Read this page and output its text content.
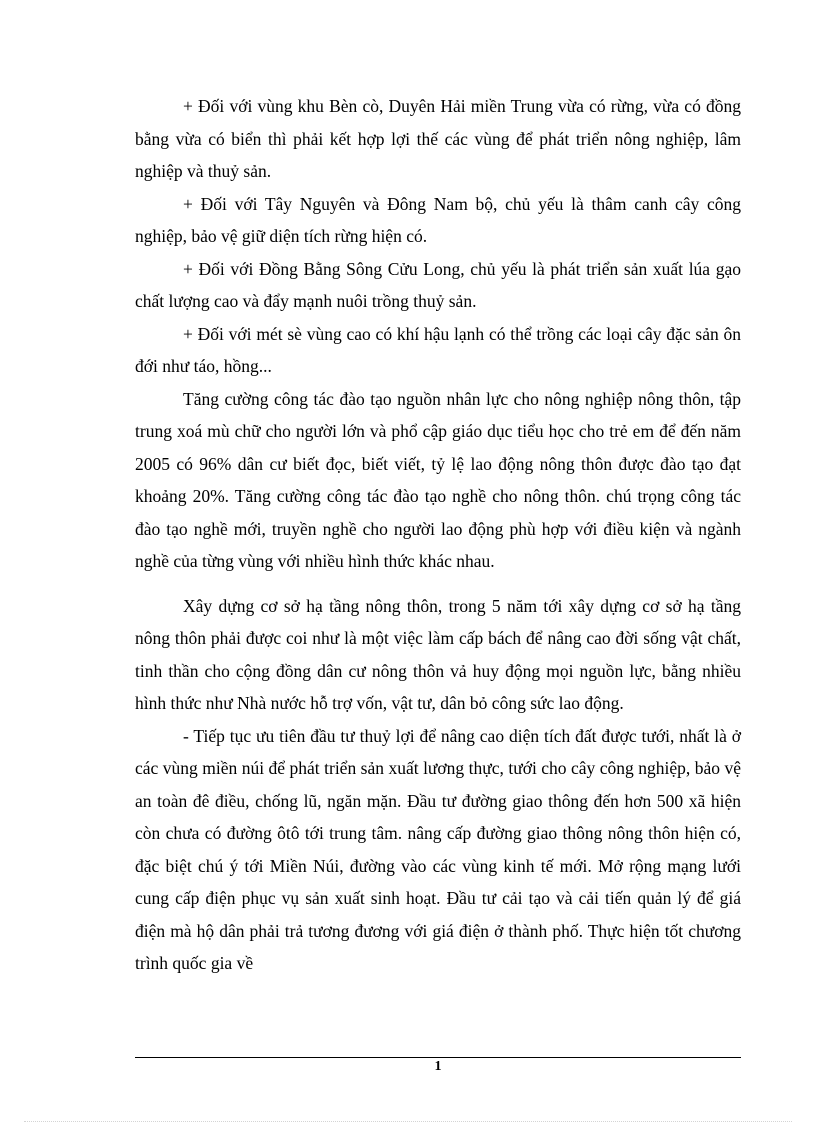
+ Đối với vùng khu Bèn cò, Duyên Hải miền Trung vừa có rừng, vừa có đồng bằng vừa có biển thì phải kết hợp lợi thế các vùng để phát triển nông nghiệp, lâm nghiệp và thuỷ sản.

+ Đối với Tây Nguyên và Đông Nam bộ, chủ yếu là thâm canh cây công nghiệp, bảo vệ giữ diện tích rừng hiện có.

+ Đối với Đồng Bằng Sông Cửu Long, chủ yếu là phát triển sản xuất lúa gạo chất lượng cao và đẩy mạnh nuôi trồng thuỷ sản.

+ Đối với mét sè vùng cao có khí hậu lạnh có thể trồng các loại cây đặc sản ôn đới như táo, hồng...

Tăng cường công tác đào tạo nguồn nhân lực cho nông nghiệp nông thôn, tập trung xoá mù chữ cho người lớn và phổ cập giáo dục tiểu học cho trẻ em để đến năm 2005 có 96% dân cư biết đọc, biết viết, tỷ lệ lao động nông thôn được đào tạo đạt khoảng 20%. Tăng cường công tác đào tạo nghề cho nông thôn. chú trọng công tác đào tạo nghề mới, truyền nghề cho người lao động phù hợp với điều kiện và ngành nghề của từng vùng với nhiều hình thức khác nhau.

Xây dựng cơ sở hạ tầng nông thôn, trong 5 năm tới xây dựng cơ sở hạ tầng nông thôn phải được coi như là một việc làm cấp bách để nâng cao đời sống vật chất, tinh thần cho cộng đồng dân cư nông thôn vả huy động mọi nguồn lực, bằng nhiều hình thức như Nhà nước hỗ trợ vốn, vật tư, dân bỏ công sức lao động.

- Tiếp tục ưu tiên đầu tư thuỷ lợi để nâng cao diện tích đất được tưới, nhất là ở các vùng miền núi để phát triển sản xuất lương thực, tưới cho cây công nghiệp, bảo vệ an toàn đê điều, chống lũ, ngăn mặn. Đầu tư đường giao thông đến hơn 500 xã hiện còn chưa có đường ôtô tới trung tâm. nâng cấp đường giao thông nông thôn hiện có, đặc biệt chú ý tới Miền Núi, đường vào các vùng kinh tế mới. Mở rộng mạng lưới cung cấp điện phục vụ sản xuất sinh hoạt. Đầu tư cải tạo và cải tiến quản lý để giá điện mà hộ dân phải trả tương đương với giá điện ở thành phố. Thực hiện tốt chương trình quốc gia về

1
